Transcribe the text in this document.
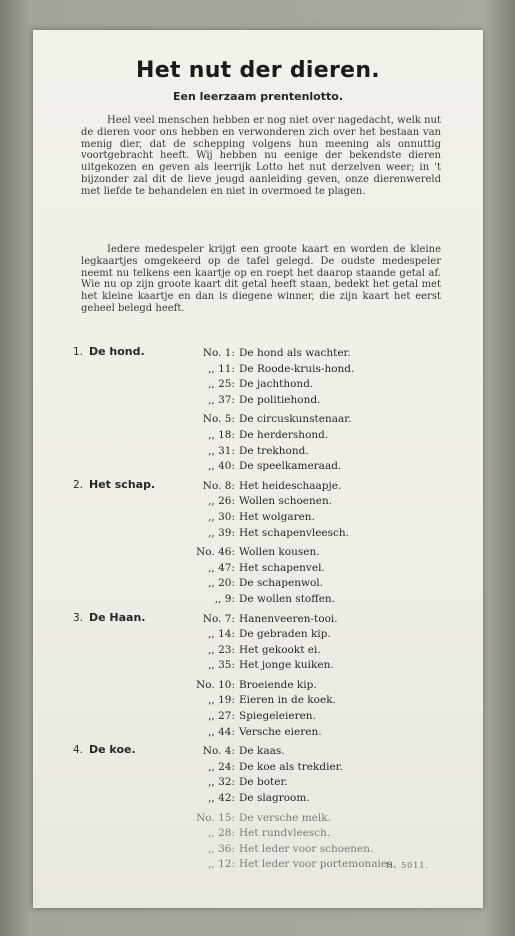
Het nut der dieren.
Een leerzaam prentenlotto.

Heel veel menschen hebben er nog niet over nagedacht, welk nut de dieren voor ons hebben en verwonderen zich over het bestaan van menig dier, dat de schepping volgens hun meening als onnuttig voortgebracht heeft. Wij hebben nu eenige der bekendste dieren uitgekozen en geven als leerrijk Lotto het nut derzelven weer; in 't bijzonder zal dit de lieve jeugd aanleiding geven, onze dierenwereld met liefde te behandelen en niet in overmoed te plagen.

Iedere medespeler krijgt een groote kaart en worden de kleine legkaartjes omgekeerd op de tafel gelegd. De oudste medespeler neemt nu telkens een kaartje op en roept het daarop staande getal af. Wie nu op zijn groote kaart dit getal heeft staan, bedekt het getal met het kleine kaartje en dan is diegene winner, die zijn kaart het eerst geheel belegd heeft.

1. De hond.	No. 1: De hond als wachter.
,, 11: De Roode-kruis-hond.
,, 25: De jachthond.
,, 37: De politiehond.
No. 5: De circuskunstenaar.
,, 18: De herdershond.
,, 31: De trekhond.
,, 40: De speelkameraad.
2. Het schap.	No. 8: Het heideschaapje.
,, 26: Wollen schoenen.
,, 30: Het wolgaren.
,, 39: Het schapenvleesch.
No. 46: Wollen kousen.
,, 47: Het schapenvel.
,, 20: De schapenwol.
,, 9: De wollen stoffen.
3. De Haan.	No. 7: Hanenveeren-tooi.
,, 14: De gebraden kip.
,, 23: Het gekookt ei.
,, 35: Het jonge kuiken.
No. 10: Broeiende kip.
,, 19: Eieren in de koek.
,, 27: Spiegeleieren.
,, 44: Versche eieren.
4. De koe.	No. 4: De kaas.
,, 24: De koe als trekdier.
,, 32: De boter.
,, 42: De slagroom.
No. 15: De versche melk.
,, 28: Het rundvleesch.
,, 36: Het leder voor schoenen.
,, 12: Het leder voor portemonaies.
H. 5011.
